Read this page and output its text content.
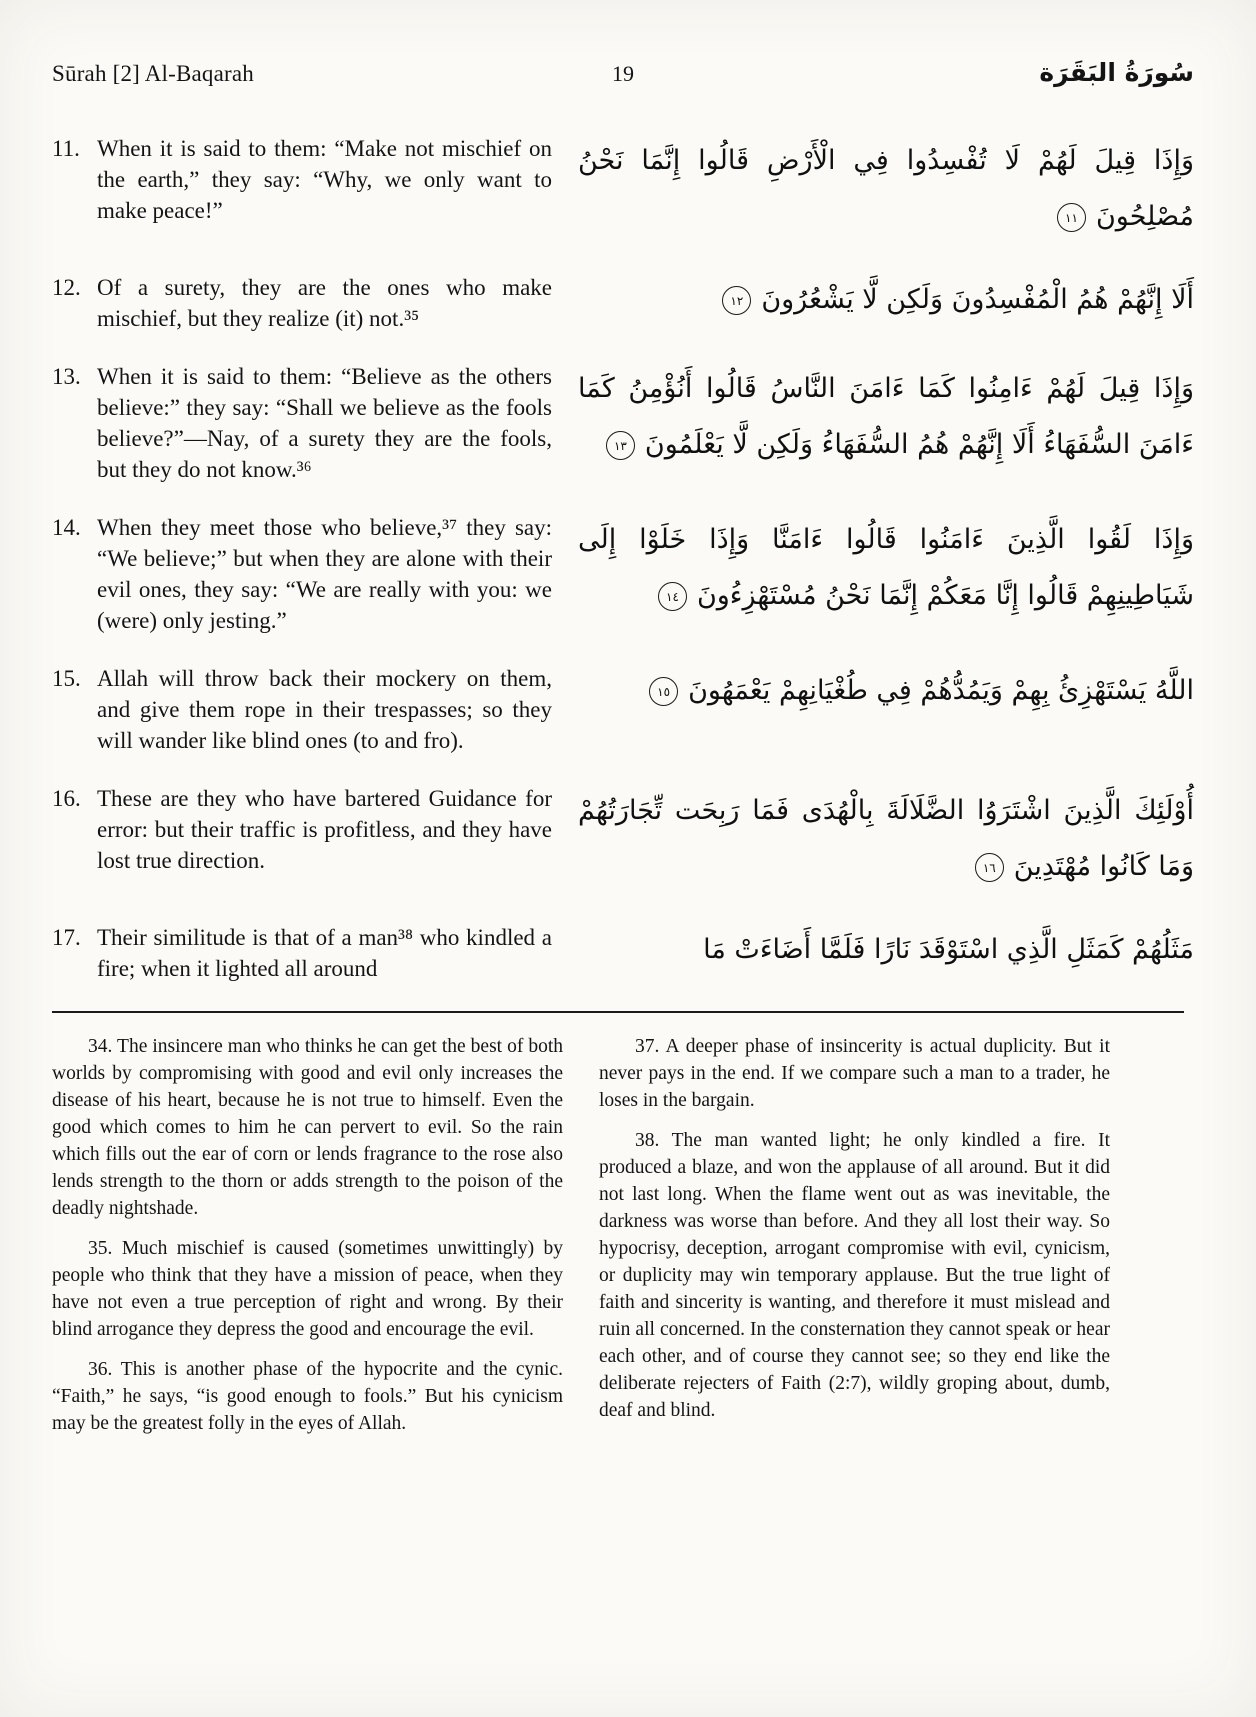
Sūrah [2] Al-Baqarah	19	سُورَةُ البَقَرَة
11. When it is said to them: “Make not mischief on the earth,” they say: “Why, we only want to make peace!”

وَإِذَا قِيلَ لَهُمْ لَا تُفْسِدُوا فِي الْأَرْضِ قَالُوا إِنَّمَا نَحْنُ مُصْلِحُونَ١١

12. Of a surety, they are the ones who make mischief, but they realize (it) not.³⁵

أَلَا إِنَّهُمْ هُمُ الْمُفْسِدُونَ وَلَكِن لَّا يَشْعُرُونَ١٢

13. When it is said to them: “Believe as the others believe:” they say: “Shall we believe as the fools believe?”—Nay, of a surety they are the fools, but they do not know.³⁶

وَإِذَا قِيلَ لَهُمْ ءَامِنُوا كَمَا ءَامَنَ النَّاسُ قَالُوا أَنُؤْمِنُ كَمَا ءَامَنَ السُّفَهَاءُ أَلَا إِنَّهُمْ هُمُ السُّفَهَاءُ وَلَكِن لَّا يَعْلَمُونَ١٣

14. When they meet those who believe,³⁷ they say: “We believe;” but when they are alone with their evil ones, they say: “We are really with you: we (were) only jesting.”

وَإِذَا لَقُوا الَّذِينَ ءَامَنُوا قَالُوا ءَامَنَّا وَإِذَا خَلَوْا إِلَى شَيَاطِينِهِمْ قَالُوا إِنَّا مَعَكُمْ إِنَّمَا نَحْنُ مُسْتَهْزِءُونَ١٤

15. Allah will throw back their mockery on them, and give them rope in their trespasses; so they will wander like blind ones (to and fro).

اللَّهُ يَسْتَهْزِئُ بِهِمْ وَيَمُدُّهُمْ فِي طُغْيَانِهِمْ يَعْمَهُونَ١٥

16. These are they who have bartered Guidance for error: but their traffic is profitless, and they have lost true direction.

أُوْلَئِكَ الَّذِينَ اشْتَرَوُا الضَّلَالَةَ بِالْهُدَى فَمَا رَبِحَت تِّجَارَتُهُمْ وَمَا كَانُوا مُهْتَدِينَ١٦

17. Their similitude is that of a man³⁸ who kindled a fire; when it lighted all around

مَثَلُهُمْ كَمَثَلِ الَّذِي اسْتَوْقَدَ نَارًا فَلَمَّا أَضَاءَتْ مَا

34. The insincere man who thinks he can get the best of both worlds by compromising with good and evil only increases the disease of his heart, because he is not true to himself. Even the good which comes to him he can pervert to evil. So the rain which fills out the ear of corn or lends fragrance to the rose also lends strength to the thorn or adds strength to the poison of the deadly nightshade.

35. Much mischief is caused (sometimes unwittingly) by people who think that they have a mission of peace, when they have not even a true perception of right and wrong. By their blind arrogance they depress the good and encourage the evil.

36. This is another phase of the hypocrite and the cynic. “Faith,” he says, “is good enough to fools.” But his cynicism may be the greatest folly in the eyes of Allah.

37. A deeper phase of insincerity is actual duplicity. But it never pays in the end. If we compare such a man to a trader, he loses in the bargain.

38. The man wanted light; he only kindled a fire. It produced a blaze, and won the applause of all around. But it did not last long. When the flame went out as was inevitable, the darkness was worse than before. And they all lost their way. So hypocrisy, deception, arrogant compromise with evil, cynicism, or duplicity may win temporary applause. But the true light of faith and sincerity is wanting, and therefore it must mislead and ruin all concerned. In the consternation they cannot speak or hear each other, and of course they cannot see; so they end like the deliberate rejecters of Faith (2:7), wildly groping about, dumb, deaf and blind.
